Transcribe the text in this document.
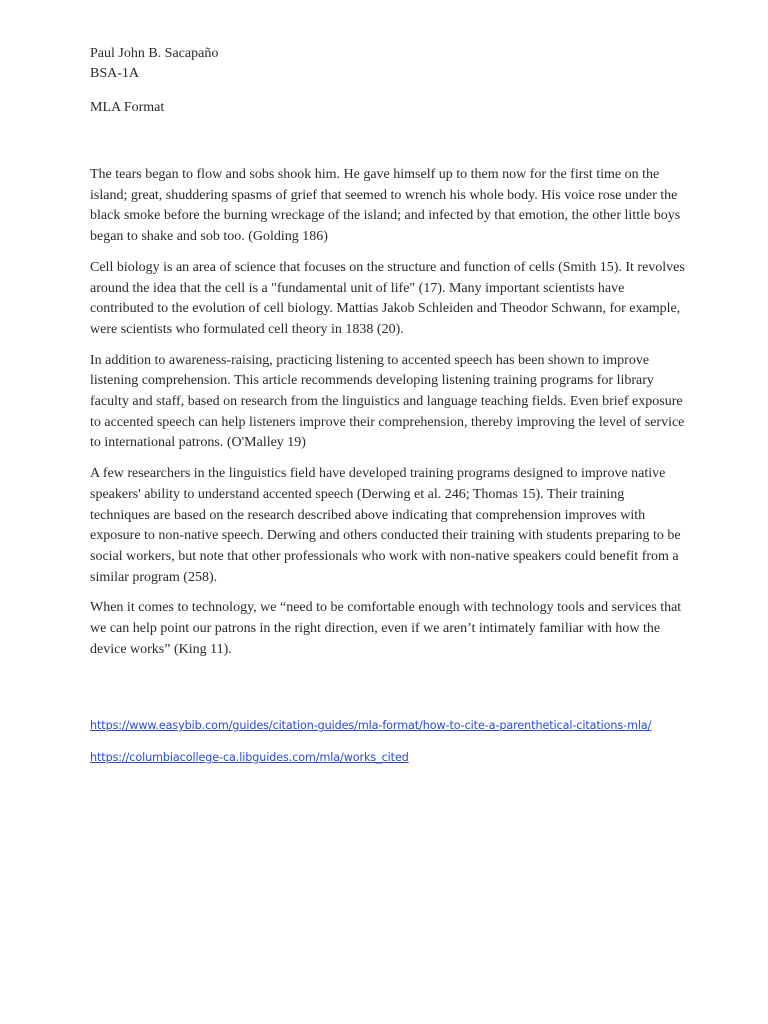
Paul John B. Sacapaño

BSA-1A

MLA Format

The tears began to flow and sobs shook him. He gave himself up to them now for the first time on the island; great, shuddering spasms of grief that seemed to wrench his whole body. His voice rose under the black smoke before the burning wreckage of the island; and infected by that emotion, the other little boys began to shake and sob too. (Golding 186)

Cell biology is an area of science that focuses on the structure and function of cells (Smith 15). It revolves around the idea that the cell is a "fundamental unit of life" (17). Many important scientists have contributed to the evolution of cell biology. Mattias Jakob Schleiden and Theodor Schwann, for example, were scientists who formulated cell theory in 1838 (20).

In addition to awareness-raising, practicing listening to accented speech has been shown to improve listening comprehension. This article recommends developing listening training programs for library faculty and staff, based on research from the linguistics and language teaching fields. Even brief exposure to accented speech can help listeners improve their comprehension, thereby improving the level of service to international patrons. (O'Malley 19)

A few researchers in the linguistics field have developed training programs designed to improve native speakers' ability to understand accented speech (Derwing et al. 246; Thomas 15). Their training techniques are based on the research described above indicating that comprehension improves with exposure to non-native speech. Derwing and others conducted their training with students preparing to be social workers, but note that other professionals who work with non-native speakers could benefit from a similar program (258).

When it comes to technology, we “need to be comfortable enough with technology tools and services that we can help point our patrons in the right direction, even if we aren’t intimately familiar with how the device works” (King 11).

https://www.easybib.com/guides/citation-guides/mla-format/how-to-cite-a-parenthetical-citations-mla/
https://columbiacollege-ca.libguides.com/mla/works_cited
